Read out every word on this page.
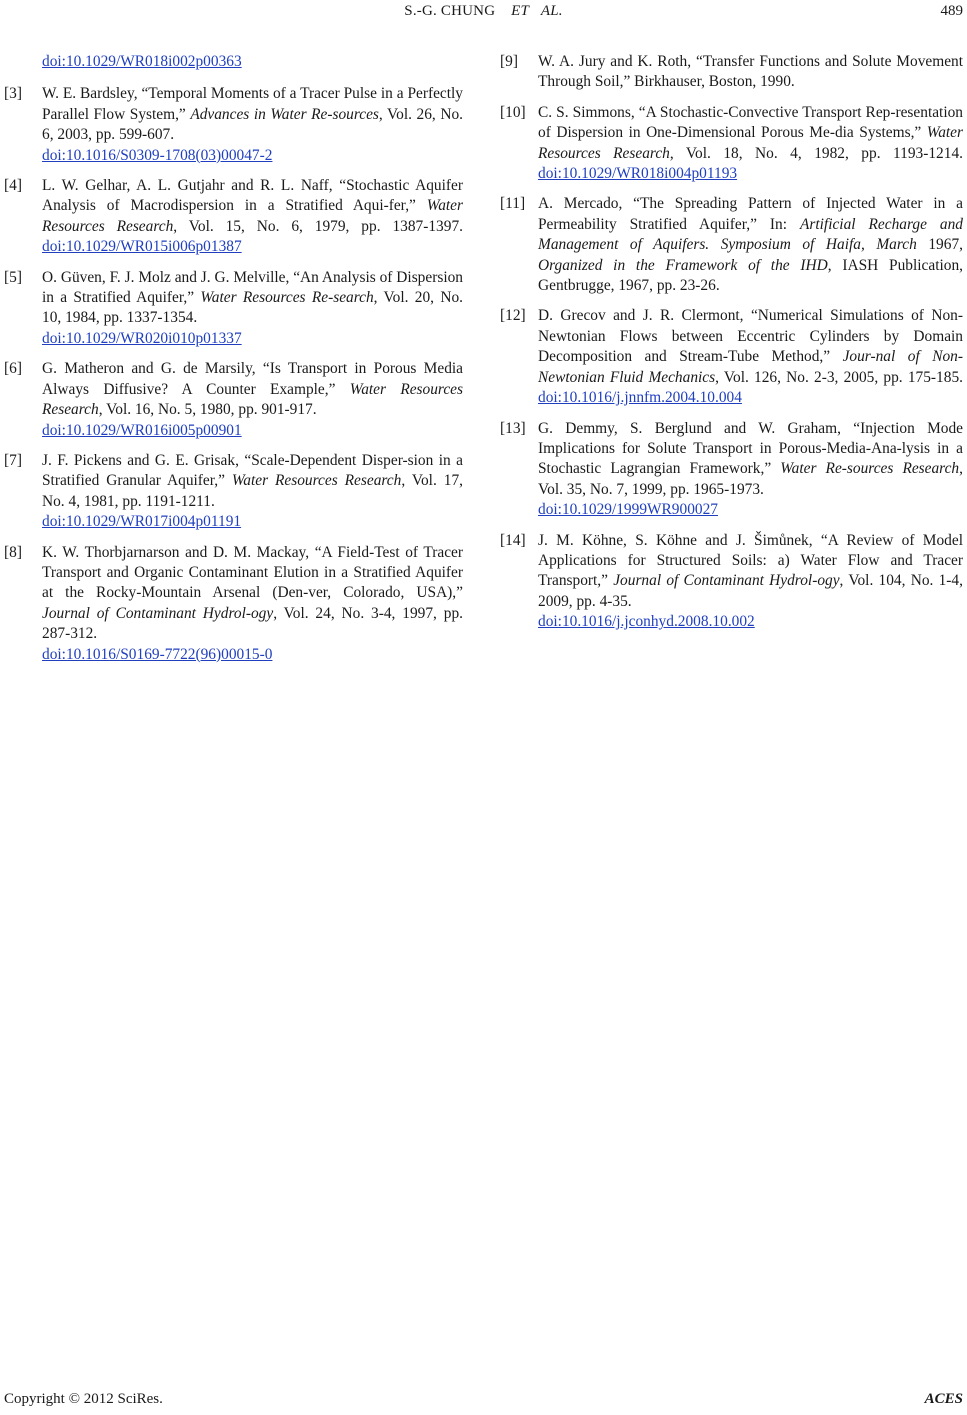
S.-G. CHUNG ET AL.	489
doi:10.1029/WR018i002p00363
[3]	W. E. Bardsley, “Temporal Moments of a Tracer Pulse in a Perfectly Parallel Flow System,” Advances in Water Re-sources, Vol. 26, No. 6, 2003, pp. 599-607.
doi:10.1016/S0309-1708(03)00047-2
[4]	L. W. Gelhar, A. L. Gutjahr and R. L. Naff, “Stochastic Aquifer Analysis of Macrodispersion in a Stratified Aqui-fer,” Water Resources Research, Vol. 15, No. 6, 1979, pp. 1387-1397. doi:10.1029/WR015i006p01387
[5]	O. Güven, F. J. Molz and J. G. Melville, “An Analysis of Dispersion in a Stratified Aquifer,” Water Resources Re-search, Vol. 20, No. 10, 1984, pp. 1337-1354.
doi:10.1029/WR020i010p01337
[6]	G. Matheron and G. de Marsily, “Is Transport in Porous Media Always Diffusive? A Counter Example,” Water Resources Research, Vol. 16, No. 5, 1980, pp. 901-917.
doi:10.1029/WR016i005p00901
[7]	J. F. Pickens and G. E. Grisak, “Scale-Dependent Disper-sion in a Stratified Granular Aquifer,” Water Resources Research, Vol. 17, No. 4, 1981, pp. 1191-1211.
doi:10.1029/WR017i004p01191
[8]	K. W. Thorbjarnarson and D. M. Mackay, “A Field-Test of Tracer Transport and Organic Contaminant Elution in a Stratified Aquifer at the Rocky-Mountain Arsenal (Den-ver, Colorado, USA),” Journal of Contaminant Hydrol-ogy, Vol. 24, No. 3-4, 1997, pp. 287-312.
doi:10.1016/S0169-7722(96)00015-0
[9]	W. A. Jury and K. Roth, “Transfer Functions and Solute Movement Through Soil,” Birkhauser, Boston, 1990.
[10] C. S. Simmons, “A Stochastic-Convective Transport Rep-resentation of Dispersion in One-Dimensional Porous Me-dia Systems,” Water Resources Research, Vol. 18, No. 4, 1982, pp. 1193-1214. doi:10.1029/WR018i004p01193
[11] A. Mercado, “The Spreading Pattern of Injected Water in a Permeability Stratified Aquifer,” In: Artificial Recharge and Management of Aquifers. Symposium of Haifa, March 1967, Organized in the Framework of the IHD, IASH Publication, Gentbrugge, 1967, pp. 23-26.
[12] D. Grecov and J. R. Clermont, “Numerical Simulations of Non-Newtonian Flows between Eccentric Cylinders by Domain Decomposition and Stream-Tube Method,” Jour-nal of Non-Newtonian Fluid Mechanics, Vol. 126, No. 2-3, 2005, pp. 175-185. doi:10.1016/j.jnnfm.2004.10.004
[13] G. Demmy, S. Berglund and W. Graham, “Injection Mode Implications for Solute Transport in Porous-Media-Ana-lysis in a Stochastic Lagrangian Framework,” Water Re-sources Research, Vol. 35, No. 7, 1999, pp. 1965-1973.
doi:10.1029/1999WR900027
[14] J. M. Köhne, S. Köhne and J. Šimůnek, “A Review of Model Applications for Structured Soils: a) Water Flow and Tracer Transport,” Journal of Contaminant Hydrol-ogy, Vol. 104, No. 1-4, 2009, pp. 4-35.
doi:10.1016/j.jconhyd.2008.10.002
Copyright © 2012 SciRes.	ACES
